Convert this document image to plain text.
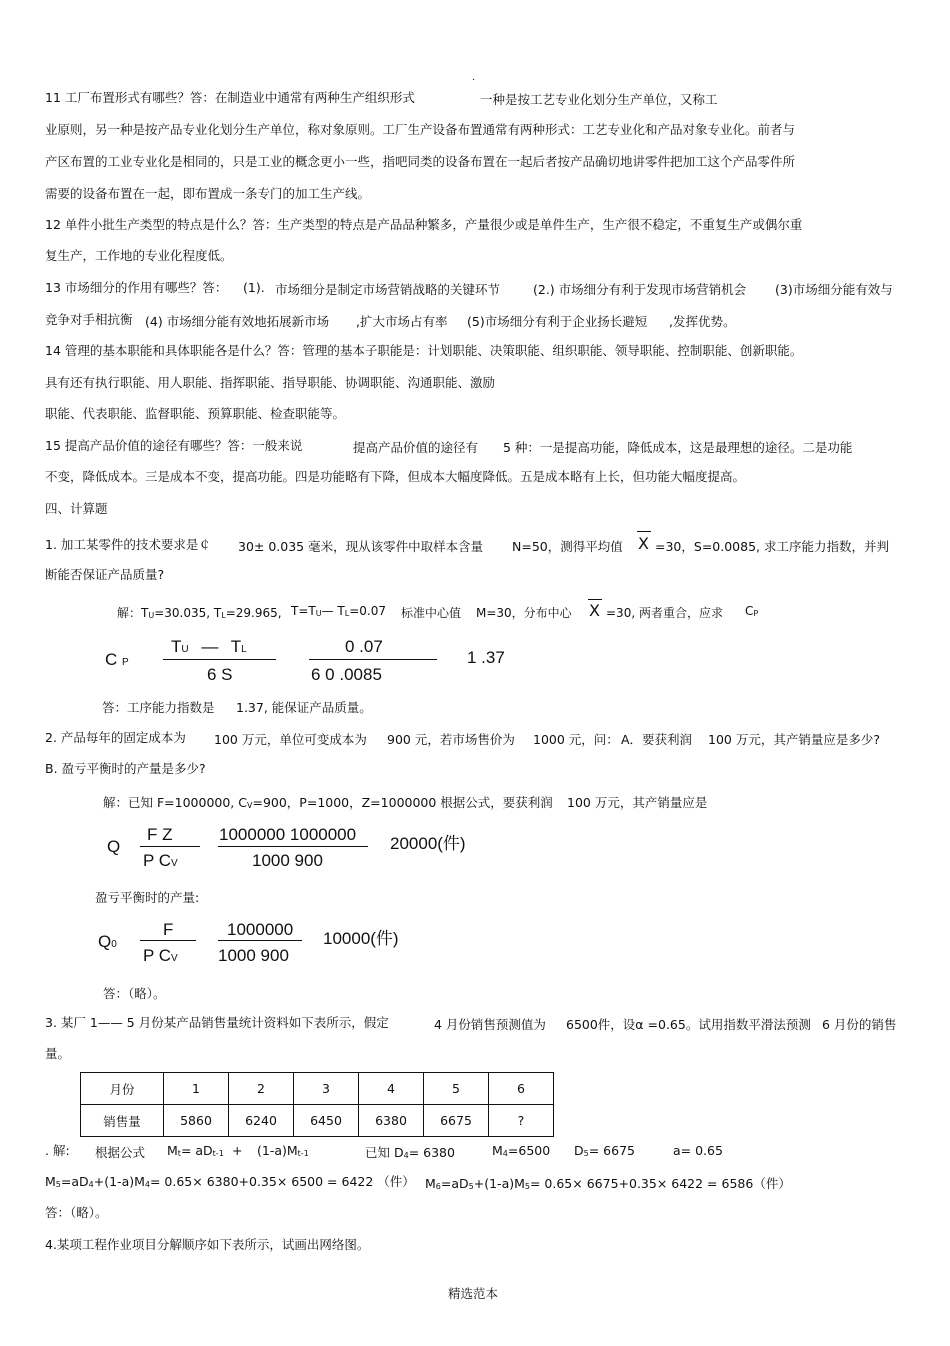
.
11 工厂布置形式有哪些？答：在制造业中通常有两种生产组织形式	一种是按工艺专业化划分生产单位，又称工
业原则，另一种是按产品专业化划分生产单位，称对象原则。工厂生产设备布置通常有两种形式：工艺专业化和产品对象专业化。前者与
产区布置的工业专业化是相同的，只是工业的概念更小一些，指吧同类的设备布置在一起后者按产品确切地讲零件把加工这个产品零件所
需要的设备布置在一起，即布置成一条专门的加工生产线。
12 单件小批生产类型的特点是什么？答：生产类型的特点是产品品种繁多，产量很少或是单件生产，生产很不稳定，不重复生产或偶尔重
复生产，工作地的专业化程度低。
13 市场细分的作用有哪些？答： (1). 市场细分是制定市场营销战略的关键环节	(2.) 市场细分有利于发现市场营销机会 (3)市场细分能有效与
竞争对手相抗衡 (4) 市场细分能有效地拓展新市场 ,扩大市场占有率 (5)市场细分有利于企业扬长避短 ,发挥优势。
14 管理的基本职能和具体职能各是什么？答：管理的基本子职能是：计划职能、决策职能、组织职能、领导职能、控制职能、创新职能。
具有还有执行职能、用人职能、指挥职能、指导职能、协调职能、沟通职能、激励
职能、代表职能、监督职能、预算职能、检查职能等。
15 提高产品价值的途径有哪些？答：一般来说	提高产品价值的途径有 5 种：一是提高功能，降低成本，这是最理想的途径。二是功能
不变，降低成本。三是成本不变，提高功能。四是功能略有下降，但成本大幅度降低。五是成本略有上长，但功能大幅度提高。
四、计算题
1. 加工某零件的技术要求是￠ 30± 0.035 毫米，现从该零件中取样本含量 N=50，测得平均值 X =30，S=0.0085, 求工序能力指数，并判
断能否保证产品质量?
解：TU=30.035, TL=29.965, T=TU— TL=0.07 标准中心值 M=30，分布中心 X =30, 两者重合，应求 CP
C P
TU — TL
6 S
0 .07
6 0 .0085
1 .37
答：工序能力指数是 1.37, 能保证产品质量。
2. 产品每年的固定成本为 100 万元，单位可变成本为 900 元，若市场售价为 1000 元，问： A．要获利润 100 万元，其产销量应是多少?
B. 盈亏平衡时的产量是多少?
解：已知 F=1000000, CV=900，P=1000，Z=1000000 根据公式，要获利润 100 万元，其产销量应是
Q
F Z
P CV
1000000 1000000
1000 900
20000(件)
盈亏平衡时的产量:
Q0
F
P CV
1000000
1000 900
10000(件)
答：（略）。
3. 某厂 1—— 5 月份某产品销售量统计资料如下表所示，假定	4 月份销售预测值为 6500件，设α =0.65。试用指数平滑法预测 6 月份的销售
量。
月份	1	2	3	4	5	6
销售量	5860	6240	6450	6380	6675	?
. 解: 根据公式 Mt= aDt-1 + (1-a)Mt-1	已知 D4= 6380	M4=6500 D5= 6675	a= 0.65
M5=aD4+(1-a)M4= 0.65× 6380+0.35× 6500 = 6422 （件） M6=aD5+(1-a)M5= 0.65× 6675+0.35× 6422 = 6586（件）
答：（略）。
4.某项工程作业项目分解顺序如下表所示，试画出网络图。
精选范本
